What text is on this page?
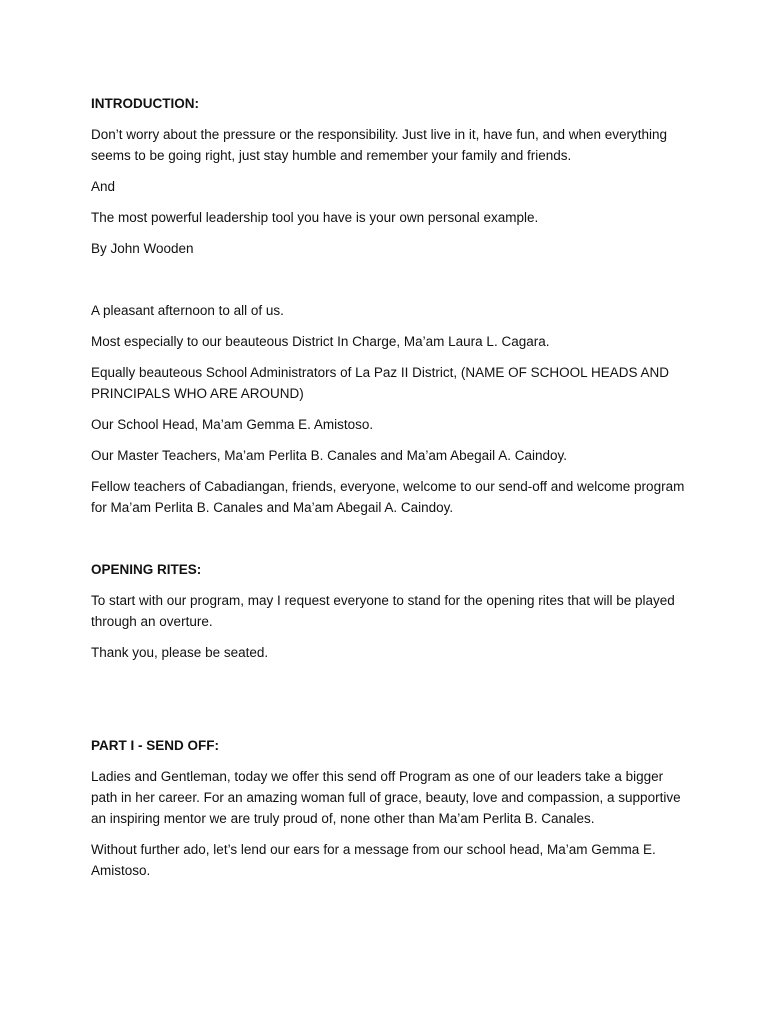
INTRODUCTION:

Don’t worry about the pressure or the responsibility. Just live in it, have fun, and when everything seems to be going right, just stay humble and remember your family and friends.

And

The most powerful leadership tool you have is your own personal example.

By John Wooden

A pleasant afternoon to all of us.

Most especially to our beauteous District In Charge, Ma’am Laura L. Cagara.

Equally beauteous School Administrators of La Paz II District, (NAME OF SCHOOL HEADS AND PRINCIPALS WHO ARE AROUND)

Our School Head, Ma’am Gemma E. Amistoso.

Our Master Teachers, Ma’am Perlita B. Canales and Ma’am Abegail A. Caindoy.

Fellow teachers of Cabadiangan, friends, everyone, welcome to our send-off and welcome program for Ma’am Perlita B. Canales and Ma’am Abegail A. Caindoy.

OPENING RITES:

To start with our program, may I request everyone to stand for the opening rites that will be played through an overture.

Thank you, please be seated.

PART I - SEND OFF:

Ladies and Gentleman, today we offer this send off Program as one of our leaders take a bigger path in her career. For an amazing woman full of grace, beauty, love and compassion, a supportive an inspiring mentor we are truly proud of, none other than Ma’am Perlita B. Canales.

Without further ado, let’s lend our ears for a message from our school head, Ma’am Gemma E. Amistoso.
